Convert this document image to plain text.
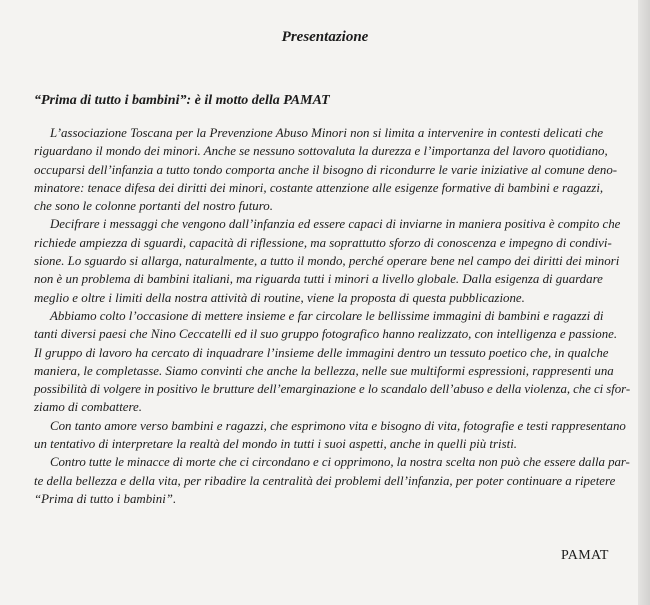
Presentazione
“Prima di tutto i bambini”: è il motto della PAMAT

L’associazione Toscana per la Prevenzione Abuso Minori non si limita a intervenire in contesti delicati che
riguardano il mondo dei minori. Anche se nessuno sottovaluta la durezza e l’importanza del lavoro quotidiano,
occuparsi dell’infanzia a tutto tondo comporta anche il bisogno di ricondurre le varie iniziative al comune deno-
minatore: tenace difesa dei diritti dei minori, costante attenzione alle esigenze formative di bambini e ragazzi,
che sono le colonne portanti del nostro futuro.

Decifrare i messaggi che vengono dall’infanzia ed essere capaci di inviarne in maniera positiva è compito che
richiede ampiezza di sguardi, capacità di riflessione, ma soprattutto sforzo di conoscenza e impegno di condivi-
sione. Lo sguardo si allarga, naturalmente, a tutto il mondo, perché operare bene nel campo dei diritti dei minori
non è un problema di bambini italiani, ma riguarda tutti i minori a livello globale. Dalla esigenza di guardare
meglio e oltre i limiti della nostra attività di routine, viene la proposta di questa pubblicazione.

Abbiamo colto l’occasione di mettere insieme e far circolare le bellissime immagini di bambini e ragazzi di
tanti diversi paesi che Nino Ceccatelli ed il suo gruppo fotografico hanno realizzato, con intelligenza e passione.
Il gruppo di lavoro ha cercato di inquadrare l’insieme delle immagini dentro un tessuto poetico che, in qualche
maniera, le completasse. Siamo convinti che anche la bellezza, nelle sue multiformi espressioni, rappresenti una
possibilità di volgere in positivo le brutture dell’emarginazione e lo scandalo dell’abuso e della violenza, che ci sfor-
ziamo di combattere.

Con tanto amore verso bambini e ragazzi, che esprimono vita e bisogno di vita, fotografie e testi rappresentano
un tentativo di interpretare la realtà del mondo in tutti i suoi aspetti, anche in quelli più tristi.

Contro tutte le minacce di morte che ci circondano e ci opprimono, la nostra scelta non può che essere dalla par-
te della bellezza e della vita, per ribadire la centralità dei problemi dell’infanzia, per poter continuare a ripetere
“Prima di tutto i bambini”.

PAMAT
